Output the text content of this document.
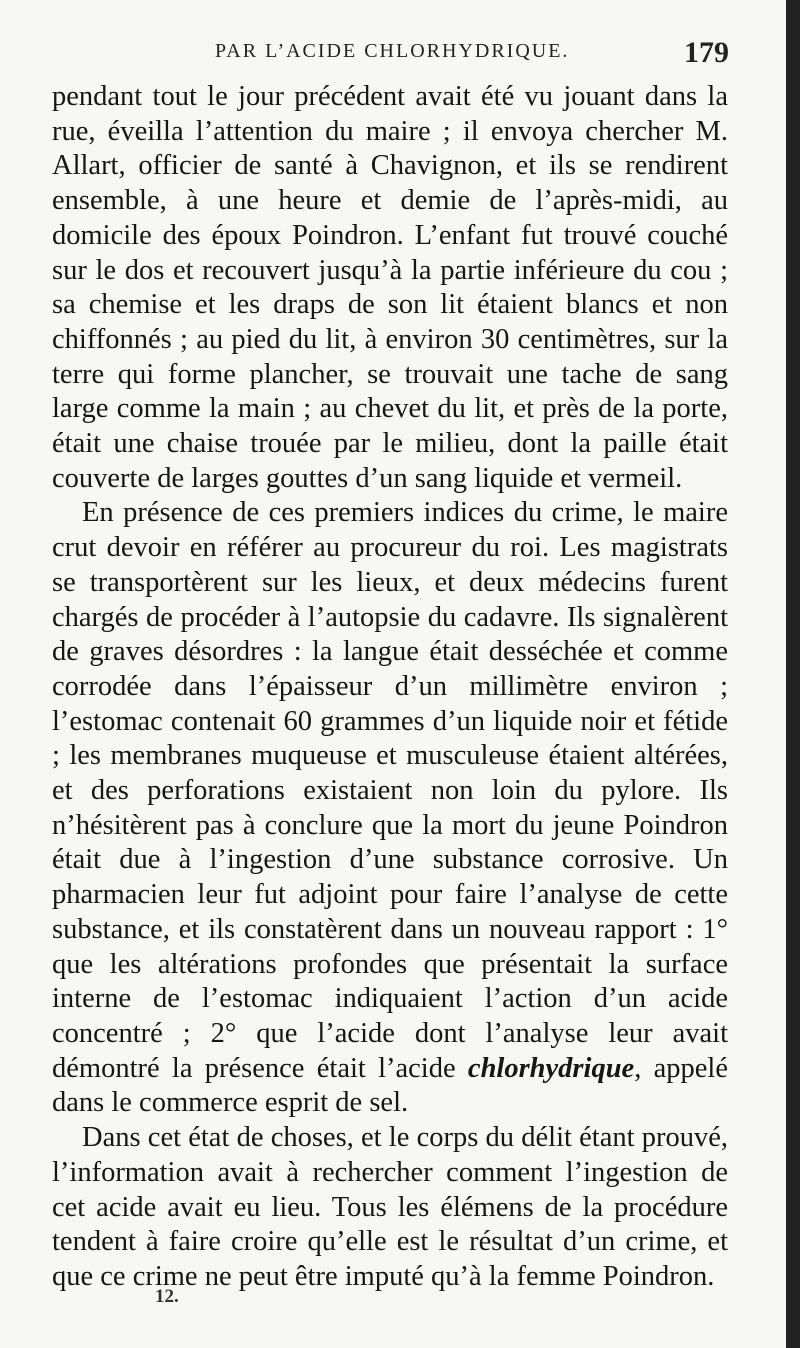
PAR L’ACIDE CHLORHYDRIQUE.	179

pendant tout le jour précédent avait été vu jouant dans la rue, éveilla l’attention du maire ; il envoya chercher M. Allart, officier de santé à Chavignon, et ils se rendirent ensemble, à une heure et demie de l’après-midi, au domicile des époux Poindron. L’enfant fut trouvé couché sur le dos et recouvert jusqu’à la partie inférieure du cou ; sa chemise et les draps de son lit étaient blancs et non chiffonnés ; au pied du lit, à environ 30 centimètres, sur la terre qui forme plancher, se trouvait une tache de sang large comme la main ; au chevet du lit, et près de la porte, était une chaise trouée par le milieu, dont la paille était couverte de larges gouttes d’un sang liquide et vermeil.

En présence de ces premiers indices du crime, le maire crut devoir en référer au procureur du roi. Les magistrats se transportèrent sur les lieux, et deux médecins furent chargés de procéder à l’autopsie du cadavre. Ils signalèrent de graves désordres : la langue était desséchée et comme corrodée dans l’épaisseur d’un millimètre environ ; l’estomac contenait 60 grammes d’un liquide noir et fétide ; les membranes muqueuse et musculeuse étaient altérées, et des perforations existaient non loin du pylore. Ils n’hésitèrent pas à conclure que la mort du jeune Poindron était due à l’ingestion d’une substance corrosive. Un pharmacien leur fut adjoint pour faire l’analyse de cette substance, et ils constatèrent dans un nouveau rapport : 1° que les altérations profondes que présentait la surface interne de l’estomac indiquaient l’action d’un acide concentré ; 2° que l’acide dont l’analyse leur avait démontré la présence était l’acide chlorhydrique, appelé dans le commerce esprit de sel.

Dans cet état de choses, et le corps du délit étant prouvé, l’information avait à rechercher comment l’ingestion de cet acide avait eu lieu. Tous les élémens de la procédure tendent à faire croire qu’elle est le résultat d’un crime, et que ce crime ne peut être imputé qu’à la femme Poindron.

12.
